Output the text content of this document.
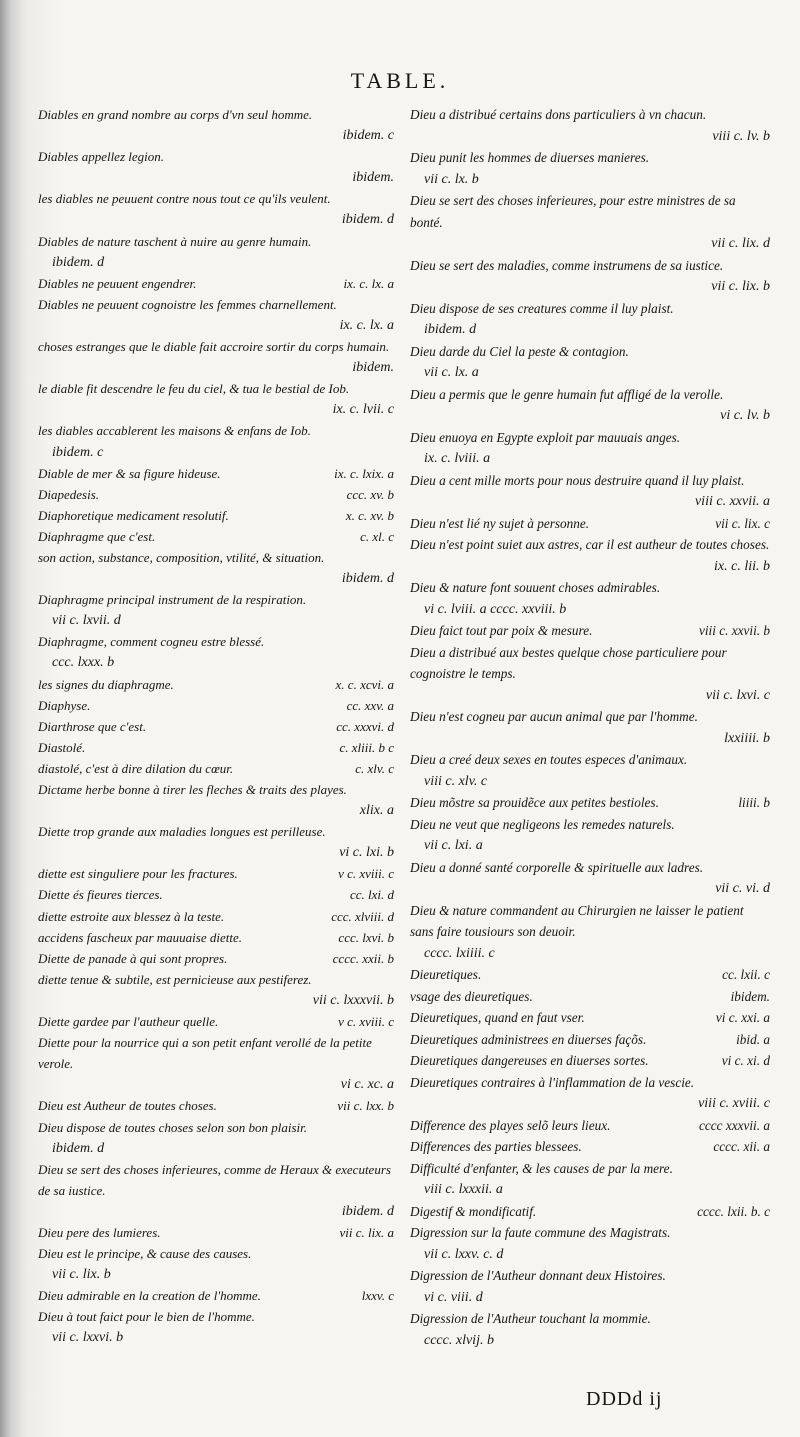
TABLE.
Diables en grand nombre au corps d'vn seul homme.
ibidem. c
Diables appellez legion.
ibidem.
les diables ne peuuent contre nous tout ce qu'ils veulent.
ibidem. d
Diables de nature taschent à nuire au genre humain.
ibidem. d
Diables ne peuuent engendrer.	ix. c. lx. a
Diables ne peuuent cognoistre les femmes charnellement.
ix. c. lx. a
choses estranges que le diable fait accroire sortir du corps humain.
ibidem.
le diable fit descendre le feu du ciel, & tua le bestial de Iob.
ix. c. lvii. c
les diables accablerent les maisons & enfans de Iob.
ibidem. c
Diable de mer & sa figure hideuse.	ix. c. lxix. a
Diapedesis.	ccc. xv. b
Diaphoretique medicament resolutif.	x. c. xv. b
Diaphragme que c'est.	c. xl. c
son action, substance, composition, vtilité, & situation.
ibidem. d
Diaphragme principal instrument de la respiration.
vii c. lxvii. d
Diaphragme, comment cogneu estre blessé.
ccc. lxxx. b
les signes du diaphragme.	x. c. xcvi. a
Diaphyse.	cc. xxv. a
Diarthrose que c'est.	cc. xxxvi. d
Diastolé.	c. xliii. b c
diastolé, c'est à dire dilation du cœur.	c. xlv. c
Dictame herbe bonne à tirer les fleches & traits des playes.
xlix. a
Diette trop grande aux maladies longues est perilleuse.
vi c. lxi. b
diette est singuliere pour les fractures.	v c. xviii. c
Diette és fieures tierces.	cc. lxi. d
diette estroite aux blessez à la teste.	ccc. xlviii. d
accidens fascheux par mauuaise diette.	ccc. lxvi. b
Diette de panade à qui sont propres.	cccc. xxii. b
diette tenue & subtile, est pernicieuse aux pestiferez.
vii c. lxxxvii. b
Diette gardee par l'autheur quelle.	v c. xviii. c
Diette pour la nourrice qui a son petit enfant verollé de la petite verole.
vi c. xc. a
Dieu est Autheur de toutes choses.	vii c. lxx. b
Dieu dispose de toutes choses selon son bon plaisir.
ibidem. d
Dieu se sert des choses inferieures, comme de Heraux & executeurs de sa iustice.
ibidem. d
Dieu pere des lumieres.	vii c. lix. a
Dieu est le principe, & cause des causes.
vii c. lix. b
Dieu admirable en la creation de l'homme.	lxxv. c
Dieu à tout faict pour le bien de l'homme.
vii c. lxxvi. b
Dieu a distribué certains dons particuliers à vn chacun.
viii c. lv. b
Dieu punit les hommes de diuerses manieres.
vii c. lx. b
Dieu se sert des choses inferieures, pour estre ministres de sa bonté.
vii c. lix. d
Dieu se sert des maladies, comme instrumens de sa iustice.
vii c. lix. b
Dieu dispose de ses creatures comme il luy plaist.
ibidem. d
Dieu darde du Ciel la peste & contagion.
vii c. lx. a
Dieu a permis que le genre humain fut affligé de la verolle.
vi c. lv. b
Dieu enuoya en Egypte exploit par mauuais anges.
ix. c. lviii. a
Dieu a cent mille morts pour nous destruire quand il luy plaist.
viii c. xxvii. a
Dieu n'est lié ny sujet à personne.	vii c. lix. c
Dieu n'est point suiet aux astres, car il est autheur de toutes choses.
ix. c. lii. b
Dieu & nature font souuent choses admirables.
vi c. lviii. a cccc. xxviii. b
Dieu faict tout par poix & mesure.	viii c. xxvii. b
Dieu a distribué aux bestes quelque chose particuliere pour cognoistre le temps.
vii c. lxvi. c
Dieu n'est cogneu par aucun animal que par l'homme.
lxxiiii. b
Dieu a creé deux sexes en toutes especes d'animaux.
viii c. xlv. c
Dieu mõstre sa prouidẽce aux petites bestioles.	liiii. b
Dieu ne veut que negligeons les remedes naturels.
vii c. lxi. a
Dieu a donné santé corporelle & spirituelle aux ladres.
vii c. vi. d
Dieu & nature commandent au Chirurgien ne laisser le patient sans faire tousiours son deuoir.
cccc. lxiiii. c
Dieuretiques.	cc. lxii. c
vsage des dieuretiques.	ibidem.
Dieuretiques, quand en faut vser.	vi c. xxi. a
Dieuretiques administrees en diuerses façõs.	ibid. a
Dieuretiques dangereuses en diuerses sortes.	vi c. xi. d
Dieuretiques contraires à l'inflammation de la vescie.
viii c. xviii. c
Difference des playes selõ leurs lieux.	cccc xxxvii. a
Differences des parties blessees.	cccc. xii. a
Difficulté d'enfanter, & les causes de par la mere.
viii c. lxxxii. a
Digestif & mondificatif.	cccc. lxii. b. c
Digression sur la faute commune des Magistrats.
vii c. lxxv. c. d
Digression de l'Autheur donnant deux Histoires.
vi c. viii. d
Digression de l'Autheur touchant la mommie.
cccc. xlvij. b
DDDd ij
